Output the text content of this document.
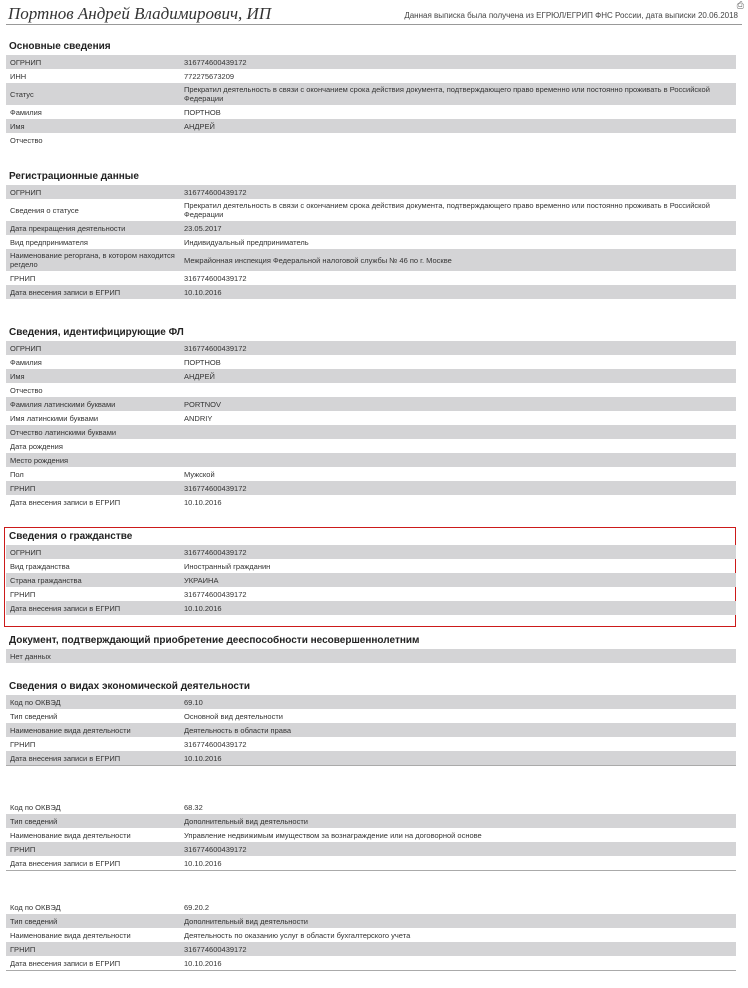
Портнов Андрей Владимирович, ИП	⎙
Данная выписка была получена из ЕГРЮЛ/ЕГРИП ФНС России, дата выписки 20.06.2018
Основные сведения
ОГРНИП	316774600439172
ИНН	772275673209
Статус	Прекратил деятельность в связи с окончанием срока действия документа, подтверждающего право временно или постоянно проживать в Российской Федерации
Фамилия	ПОРТНОВ
Имя	АНДРЕЙ
Отчество
Регистрационные данные
ОГРНИП	316774600439172
Сведения о статусе	Прекратил деятельность в связи с окончанием срока действия документа, подтверждающего право временно или постоянно проживать в Российской Федерации
Дата прекращения деятельности	23.05.2017
Вид предпринимателя	Индивидуальный предприниматель
Наименование регоргана, в котором находится регдело	Межрайонная инспекция Федеральной налоговой службы № 46 по г. Москве
ГРНИП	316774600439172
Дата внесения записи в ЕГРИП	10.10.2016
Сведения, идентифицирующие ФЛ
ОГРНИП	316774600439172
Фамилия	ПОРТНОВ
Имя	АНДРЕЙ
Отчество
Фамилия латинскими буквами	PORTNOV
Имя латинскими буквами	ANDRIY
Отчество латинскими буквами
Дата рождения
Место рождения
Пол	Мужской
ГРНИП	316774600439172
Дата внесения записи в ЕГРИП	10.10.2016
Сведения о гражданстве
ОГРНИП	316774600439172
Вид гражданства	Иностранный гражданин
Страна гражданства	УКРАИНА
ГРНИП	316774600439172
Дата внесения записи в ЕГРИП	10.10.2016
Документ, подтверждающий приобретение дееспособности несовершеннолетним
Нет данных
Сведения о видах экономической деятельности
Код по ОКВЭД	69.10
Тип сведений	Основной вид деятельности
Наименование вида деятельности	Деятельность в области права
ГРНИП	316774600439172
Дата внесения записи в ЕГРИП	10.10.2016
Код по ОКВЭД	68.32
Тип сведений	Дополнительный вид деятельности
Наименование вида деятельности	Управление недвижимым имуществом за вознаграждение или на договорной основе
ГРНИП	316774600439172
Дата внесения записи в ЕГРИП	10.10.2016
Код по ОКВЭД	69.20.2
Тип сведений	Дополнительный вид деятельности
Наименование вида деятельности	Деятельность по оказанию услуг в области бухгалтерского учета
ГРНИП	316774600439172
Дата внесения записи в ЕГРИП	10.10.2016
